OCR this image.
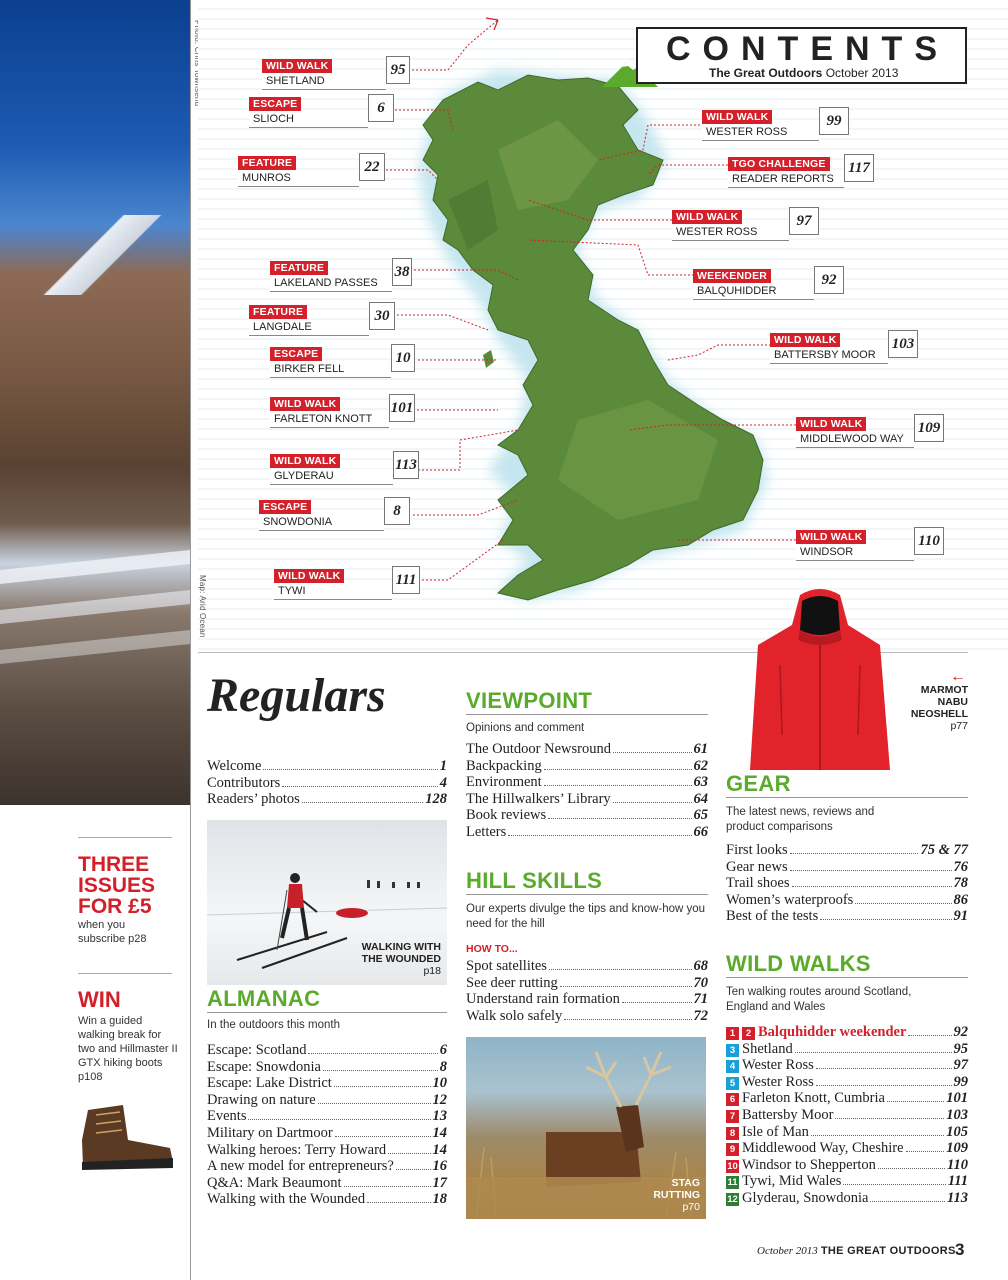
Map: Arid Ocean
WILD WALK
SHETLAND
95
ESCAPE
SLIOCH
6
FEATURE
MUNROS
22
FEATURE
LAKELAND PASSES
38
FEATURE
LANGDALE
30
ESCAPE
BIRKER FELL
10
WILD WALK
FARLETON KNOTT
101
WILD WALK
GLYDERAU
113
ESCAPE
SNOWDONIA
8
WILD WALK
TYWI
111
WILD WALK
WESTER ROSS
99
TGO CHALLENGE
READER REPORTS
117
WILD WALK
WESTER ROSS
97
WEEKENDER
BALQUHIDDER
92
WILD WALK
BATTERSBY MOOR
103
WILD WALK
MIDDLEWOOD WAY
109
WILD WALK
WINDSOR
110
CONTENTS
The Great Outdoors October 2013
Regulars
Welcome	1
Contributors	4
Readers’ photos	128
WALKING WITH THE WOUNDED
p18
ALMANAC
In the outdoors this month
Escape: Scotland	6
Escape: Snowdonia	8
Escape: Lake District	10
Drawing on nature	12
Events	13
Military on Dartmoor	14
Walking heroes: Terry Howard	14
A new model for entrepreneurs?	16
Q&A: Mark Beaumont	17
Walking with the Wounded	18
VIEWPOINT
Opinions and comment
The Outdoor Newsround	61
Backpacking	62
Environment	63
The Hillwalkers’ Library	64
Book reviews	65
Letters	66
HILL SKILLS
Our experts divulge the tips and know-how you need for the hill
HOW TO...
Spot satellites	68
See deer rutting	70
Understand rain formation	71
Walk solo safely	72
STAG RUTTING
p70
←
MARMOT NABU NEOSHELL
p77
GEAR
The latest news, reviews and product comparisons
First looks	75 & 77
Gear news	76
Trail shoes	78
Women’s waterproofs	86
Best of the tests	91
WILD WALKS
Ten walking routes around Scotland, England and Wales
1	2 Balquhidder weekender	92
3 Shetland	95
4 Wester Ross	97
5 Wester Ross	99
6 Farleton Knott, Cumbria	101
7 Battersby Moor	103
8 Isle of Man	105
9 Middlewood Way, Cheshire	109
10 Windsor to Shepperton	110
11 Tywi, Mid Wales	111
12 Glyderau, Snowdonia	113
THREE ISSUES FOR £5
when you subscribe p28
WIN
Win a guided walking break for two and Hillmaster II GTX hiking boots p108
October 2013 THE GREAT OUTDOORS 3
